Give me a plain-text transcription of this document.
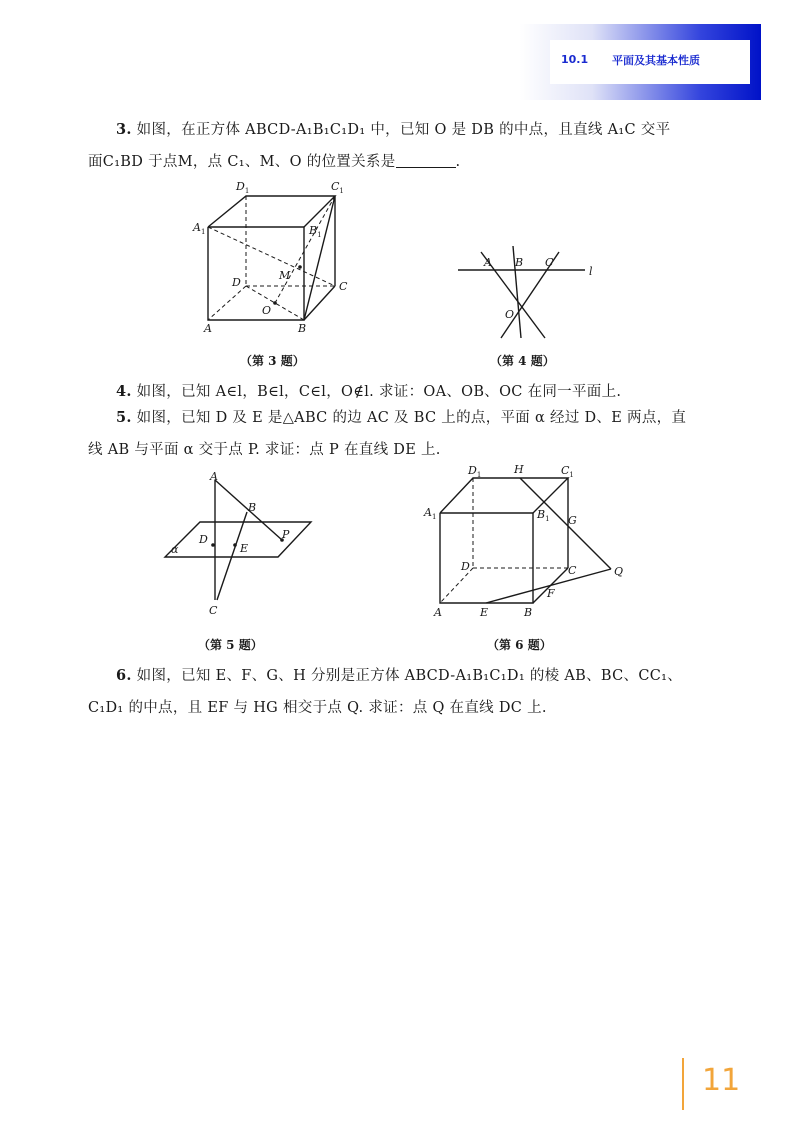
10.1 平面及其基本性质
3. 如图，在正方体 ABCD-A₁B₁C₁D₁ 中，已知 O 是 DB 的中点，且直线 A₁C 交平
面C₁BD 于点M，点 C₁、M、O 的位置关系是	.
$D_1$	$C_1$
$A_1$	$B_1$
M
D	C
O
A	B
A B C
l
O
（第 3 题）	（第 4 题）
4. 如图，已知 A∈l，B∈l，C∈l，O∉l. 求证：OA、OB、OC 在同一平面上.
5. 如图，已知 D 及 E 是△ABC 的边 AC 及 BC 上的点，平面 α 经过 D、E 两点，直
线 AB 与平面 α 交于点 P. 求证：点 P 在直线 DE 上.
A
B
D
E
P
α
C
$D_1$	H	$C_1$
$A_1$	$B_1$ G
D	C	Q
F
A	E	B
（第 5 题）	（第 6 题）
6. 如图，已知 E、F、G、H 分别是正方体 ABCD-A₁B₁C₁D₁ 的棱 AB、BC、CC₁、
C₁D₁ 的中点，且 EF 与 HG 相交于点 Q. 求证：点 Q 在直线 DC 上.
11
